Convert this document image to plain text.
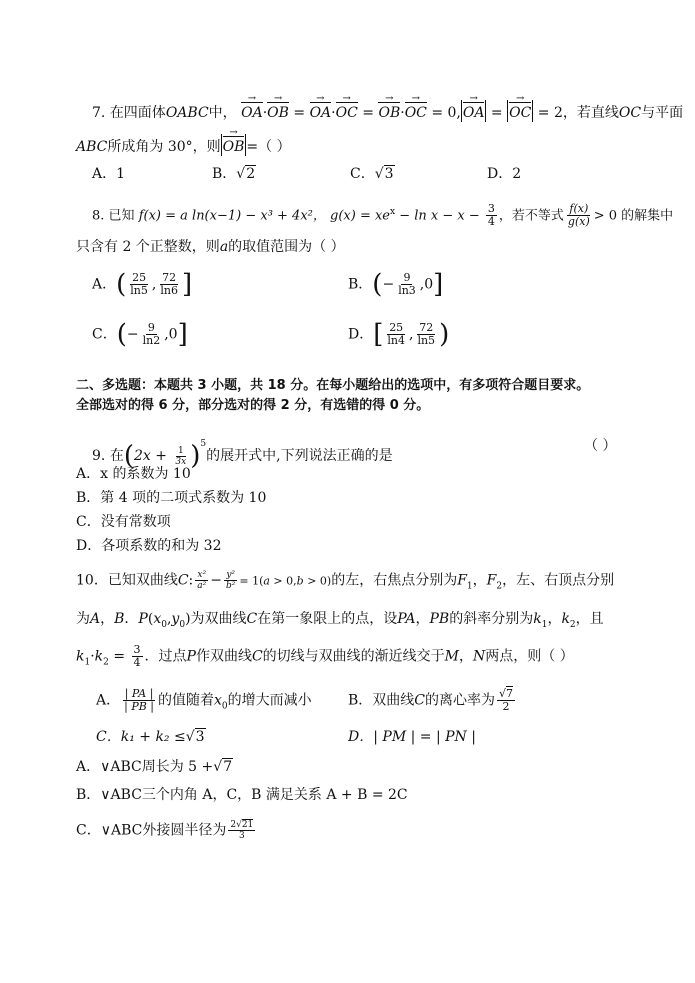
7. 在四面体OABC中， OA →·OB → = OA →·OC → = OB →·OC → = 0, OA → = OC → = 2，若直线OC与平面
ABC所成角为 30°，则 OB → =（ ）
A．1	B．√2	C．√3	D．2
8. 已知 f(x) = a ln(x−1) − x³ + 4x²， $g(x) = xe^x - \ln x - x - \frac{3}{4}$ ，若不等式 $\frac{f(x)}{g(x)} > 0$ 的解集中
只含有 2 个正整数，则a的取值范围为（ ）
A．( $\frac{25}{\ln 5}$ , $\frac{72}{\ln 6}$ ]	B．(− $\frac{9}{\ln 3} ,0$]
C．(− $\frac{9}{\ln 2} ,0$]	D．[ $\frac{25}{\ln 4}$ , $\frac{72}{\ln 5}$ )
二、多选题：本题共 3 小题，共 18 分。在每小题给出的选项中，有多项符合题目要求。
全部选对的得 6 分，部分选对的得 2 分，有选错的得 0 分。
9. 在$(2x + \frac{1}{3x} )^5$的展开式中,下列说法正确的是
（ ）
A．x 的系数为 10
B．第 4 项的二项式系数为 10
C．没有常数项
D．各项系数的和为 32
10．已知双曲线C: $\frac{\text{x²}}{\text{a²}} - \frac{\text{y²}}{\text{b²}} = 1(a > 0,b > 0)$的左，右焦点分别为$F_1$，$F_2$，左、右顶点分别
为A，B．$P(x_0,y_0)$为双曲线C在第一象限上的点，设PA，PB的斜率分别为$k_1$，$k_2$，且
$k_1\cdot k_2 = \frac{3}{4}$ ．过点P作双曲线C的切线与双曲线的渐近线交于M，N两点，则（ ）
A． $\frac{| PA |}{| PB |}$ 的值随着$x_0$的增大而减小	B．双曲线C的离心率为 $\frac{√7}{2}$
C．k₁ + k₂ ≤√3	D．| PM | = | PN |
A．∨ABC周长为 5 +√7
B．∨ABC三个内角 A，C，B 满足关系 A + B = 2C
C．∨ABC外接圆半径为 $\frac{2√21}{3}$
